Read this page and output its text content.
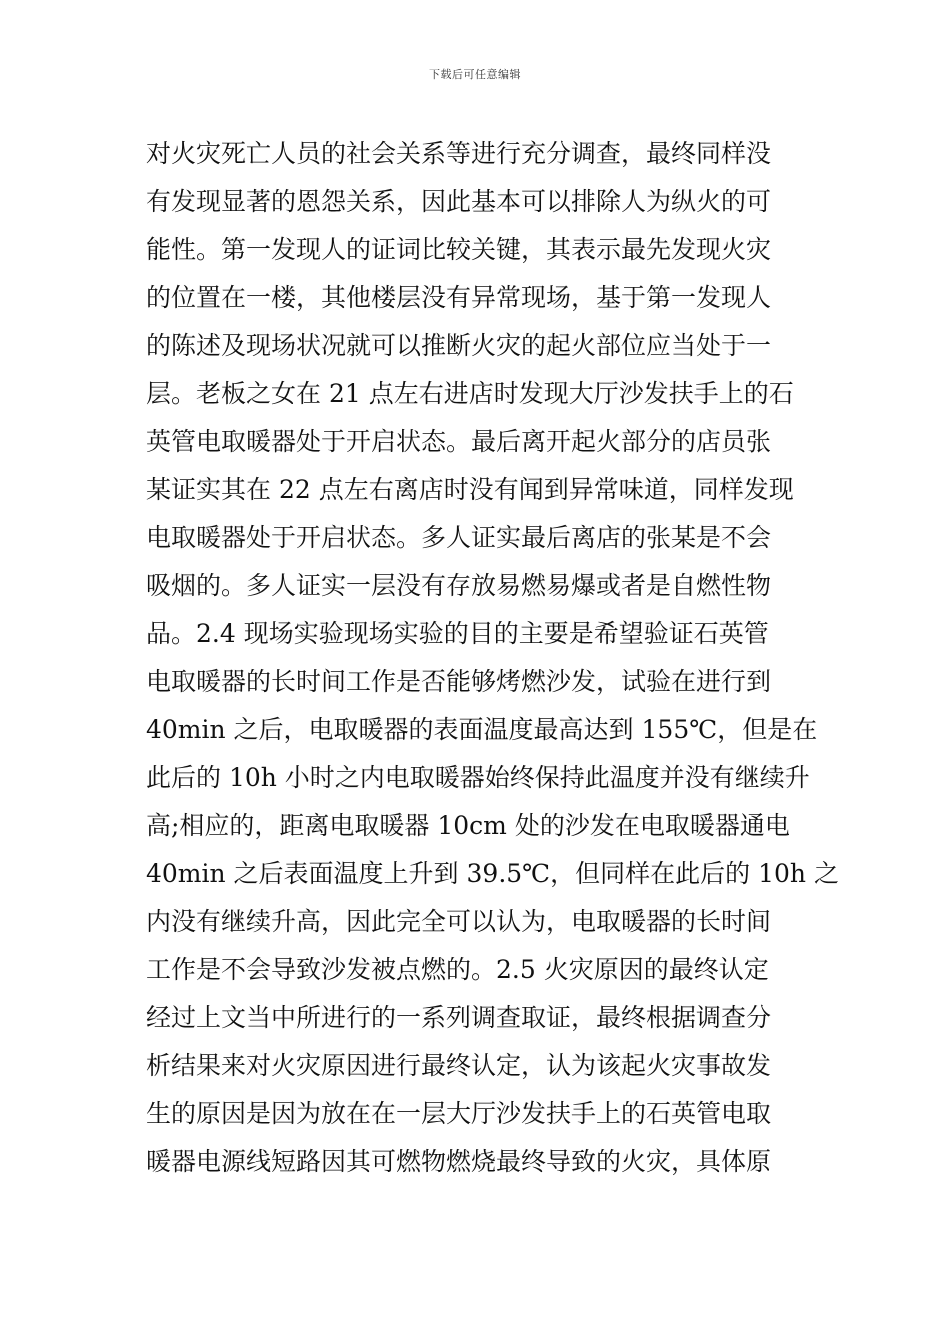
下载后可任意编辑
对火灾死亡人员的社会关系等进行充分调查，最终同样没
有发现显著的恩怨关系，因此基本可以排除人为纵火的可
能性。第一发现人的证词比较关键，其表示最先发现火灾
的位置在一楼，其他楼层没有异常现场，基于第一发现人
的陈述及现场状况就可以推断火灾的起火部位应当处于一
层。老板之女在 21 点左右进店时发现大厅沙发扶手上的石
英管电取暖器处于开启状态。最后离开起火部分的店员张
某证实其在 22 点左右离店时没有闻到异常味道，同样发现
电取暖器处于开启状态。多人证实最后离店的张某是不会
吸烟的。多人证实一层没有存放易燃易爆或者是自燃性物
品。2.4 现场实验现场实验的目的主要是希望验证石英管
电取暖器的长时间工作是否能够烤燃沙发，试验在进行到
40min 之后，电取暖器的表面温度最高达到 155℃，但是在
此后的 10h 小时之内电取暖器始终保持此温度并没有继续升
高;相应的，距离电取暖器 10cm 处的沙发在电取暖器通电
40min 之后表面温度上升到 39.5℃，但同样在此后的 10h 之
内没有继续升高，因此完全可以认为，电取暖器的长时间
工作是不会导致沙发被点燃的。2.5 火灾原因的最终认定
经过上文当中所进行的一系列调查取证，最终根据调查分
析结果来对火灾原因进行最终认定，认为该起火灾事故发
生的原因是因为放在在一层大厅沙发扶手上的石英管电取
暖器电源线短路因其可燃物燃烧最终导致的火灾，具体原
